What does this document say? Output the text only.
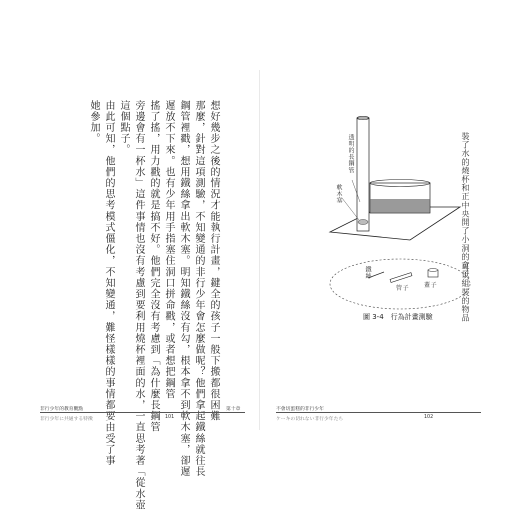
想好幾步之後的情況才能執行計畫，鍵全的孩子一般下搬都很困難
那麼，針對這項測驗，不知變通的非行少年會怎麼做呢？他們拿起鐵絲就往長
鋼管裡戳，想用鐵絲拿出軟木塞。明知鐵絲沒有勾，根本拿不到軟木塞，卻遲
遲放不下來。也有少年用手指塞住洞口拼命戳，或者想把鋼管
搖了搖，用力戳的就是搞不好。他們完全沒有考慮到「為什麼長鋼管
旁邊會有一杯水」這件事情也沒有考慮到要利用燒杯裡面的水，一直思考著「從水壺
這個點子。
由此可知，他們的思考模式僵化，不知變通，難怪樣樣的事情都要由受了事
她參加。
非行少年的教育觀點
非行少年に共通する特徴	101
第十章
裝了水的燒杯和正中央開了小洞的盒子
可以組裝的物品
透明的長鋼管
軟木塞
鐵絲
管子 蓋子
圖 3-4　行為計畫測驗
不會切蛋糕的非行少年
ケーキの切れない非行少年たち	102
